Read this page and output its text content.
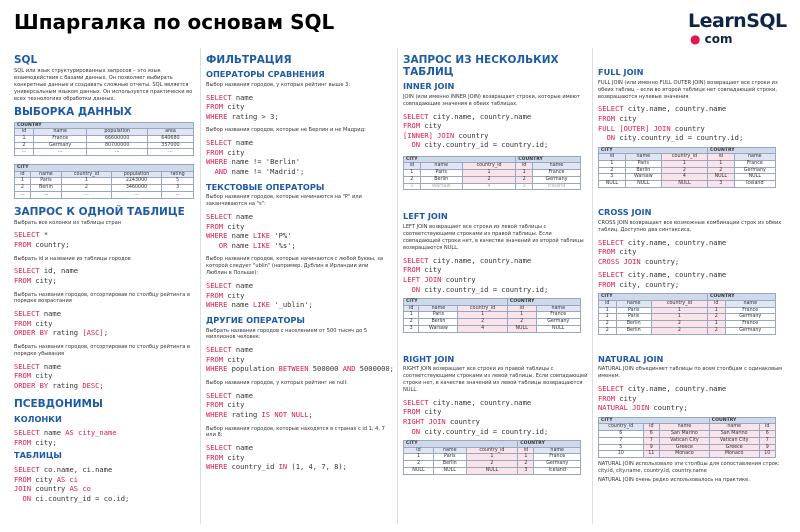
Шпаргалка по основам SQL	LearnSQL
● com
SQL
SQL или язык структурированных запросов – это язык взаимодействия с базами данных. Он позволяет выбирать конкретные данные и создавать сложные отчеты. SQL является универсальным языком данных. Он используется практически во всех технологиях обработки данных.
ВЫБОРКА ДАННЫХ
COUNTRY			
id	name	population	area
1	France	66600000	640680
2	Germany	80700000	357000
...	...	...	...
CITY				
id	name	country_id	population	rating
1	Paris	1	2243000	5
2	Berlin	2	3460000	3
...	...	...	...	...
ЗАПРОС К ОДНОЙ ТАБЛИЦЕ
Выбрать все колонки из таблицы стран
SELECT *
FROM country;
Выбрать id и название из таблицы городов
SELECT id, name
FROM city;
Выбрать названия городов, отсортировав по столбцу рейтинга в порядке возрастания
SELECT name
FROM city
ORDER BY rating [ASC];
Выбрать названия городов, отсортировав по столбцу рейтинга в порядке убывания
SELECT name
FROM city
ORDER BY rating DESC;
ПСЕВДОНИМЫ
КОЛОНКИ
SELECT name AS city_name
FROM city;
ТАБЛИЦЫ
SELECT co.name, ci.name
FROM city AS ci
JOIN country AS co
ON ci.country_id = co.id;
ФИЛЬТРАЦИЯ
ОПЕРАТОРЫ СРАВНЕНИЯ
Выбор названия городов, у которых рейтинг выше 3:
SELECT name
FROM city
WHERE rating > 3;
Выбор названия городов, которые не Берлин и не Мадрид:
SELECT name
FROM city
WHERE name != 'Berlin'
AND name != 'Madrid';
ТЕКСТОВЫЕ ОПЕРАТОРЫ
Выбор названия городов, которые начинаются на "P" или заканчиваются на "s":
SELECT name
FROM city
WHERE name LIKE 'P%'
OR name LIKE '%s';
Выбор названия городов, которые начинаются с любой буквы, за которой следует "ublin" (например, Дублин в Ирландии или Люблин в Польше):
SELECT name
FROM city
WHERE name LIKE '_ublin';
ДРУГИЕ ОПЕРАТОРЫ
Выбрать названия городов с населением от 500 тысяч до 5 миллионов человек:
SELECT name
FROM city
WHERE population BETWEEN 500000 AND 5000000;
Выбор названия городов, у которых рейтинг не null:
SELECT name
FROM city
WHERE rating IS NOT NULL;
Выбор названия городов, которые находятся в странах с id 1, 4, 7 или 8:
SELECT name
FROM city
WHERE country_id IN (1, 4, 7, 8);
ЗАПРОС ИЗ НЕСКОЛЬКИХ ТАБЛИЦ
INNER JOIN
JOIN (или именно INNER JOIN) возвращает строки, которые имеют совпадающие значения в обеих таблицах.
SELECT city.name, country.name
FROM city
[INNER] JOIN country
ON city.country_id = country.id;
CITY			COUNTRY	
id	name	country_id	id	name
1	Paris	1	1	France
2	Berlin	2	2	Germany
3	Warsaw	4	3	Iceland
LEFT JOIN
LEFT JOIN возвращает все строки из левой таблицы с соответствующими строками из правой таблицы. Если совпадающей строки нет, в качестве значений из второй таблицы возвращаются NULL.
SELECT city.name, country.name
FROM city
LEFT JOIN country
ON city.country_id = country.id;
CITY			COUNTRY	
id	name	country_id	id	name
1	Paris	1	1	France
2	Berlin	2	2	Germany
3	Warsaw	4	NULL	NULL
RIGHT JOIN
RIGHT JOIN возвращает все строки из правой таблицы с соответствующими строками из левой таблицы. Если совпадающей строки нет, в качестве значений из левой таблицы возвращаются NULL.
SELECT city.name, country.name
FROM city
RIGHT JOIN country
ON city.country_id = country.id;
CITY			COUNTRY	
id	name	country_id	id	name
1	Paris	1	1	France
2	Berlin	2	2	Germany
NULL	NULL	NULL	3	Iceland
FULL JOIN
FULL JOIN (или именно FULL OUTER JOIN) возвращает все строки из обеих таблиц – если во второй таблице нет совпадающей строки, возвращаются нулевые значения.
SELECT city.name, country.name
FROM city
FULL [OUTER] JOIN country
ON city.country_id = country.id;
CITY			COUNTRY	
id	name	country_id	id	name
1	Paris	1	1	France
2	Berlin	2	2	Germany
3	Warsaw	4	NULL	NULL
NULL	NULL	NULL	3	Iceland
CROSS JOIN
CROSS JOIN возвращает все возможные комбинации строк из обеих таблиц. Доступно два синтаксиса.
SELECT city.name, country.name
FROM city
CROSS JOIN country;
SELECT city.name, country.name
FROM city, country;
CITY			COUNTRY	
id	name	country_id	id	name
1	Paris	1	1	France
1	Paris	1	2	Germany
2	Berlin	2	1	France
2	Berlin	2	2	Germany
NATURAL JOIN
NATURAL JOIN объединяет таблицы по всем столбцам с одинаковым именем.
SELECT city.name, country.name
FROM city
NATURAL JOIN country;
CITY			COUNTRY	
country_id	id	name	name	id
6	6	San Marino	San Marino	6
7	7	Vatican City	Vatican City	7
5	9	Greece	Greece	9
10	11	Monaco	Monaco	10
NATURAL JOIN использовало эти столбцы для сопоставления строк: city.id, city.name, country.id, country.name
NATURAL JOIN очень редко использовалось на практике.
